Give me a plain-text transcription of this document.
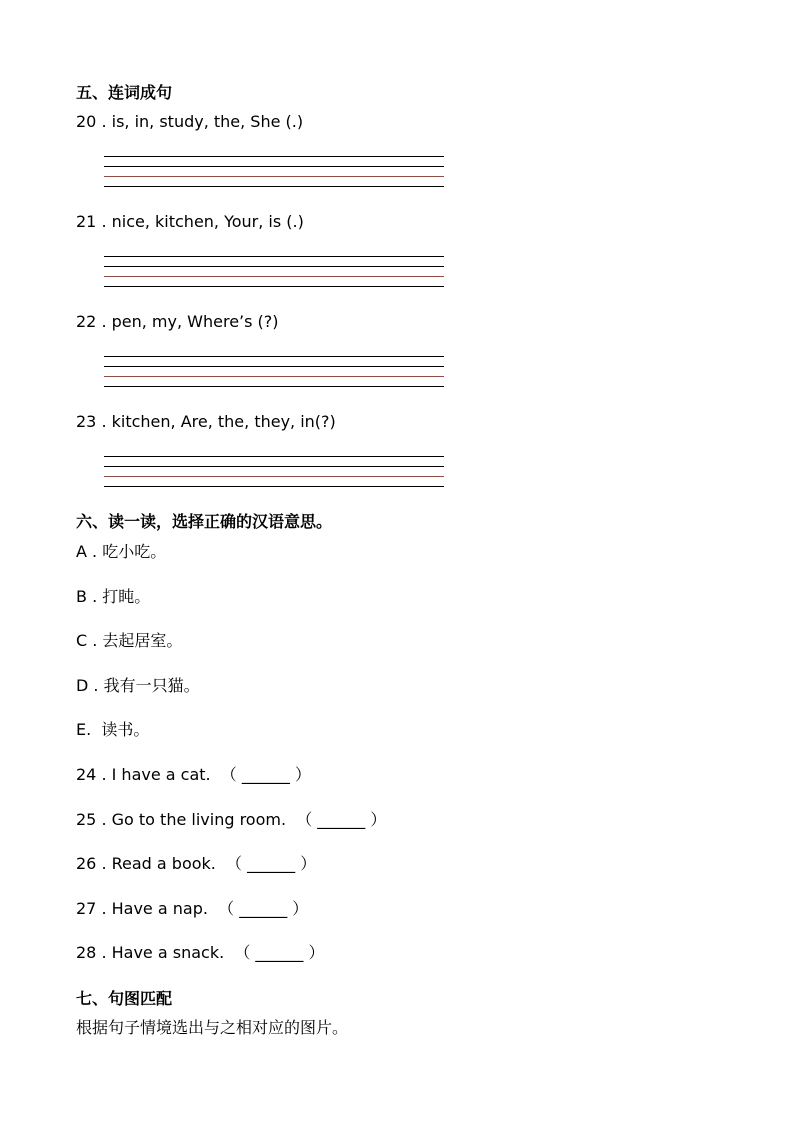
五、连词成句

20 . is, in, study, the, She (.)

21 . nice, kitchen, Your, is (.)

22 . pen, my, Where’s (?)

23 . kitchen, Are, the, they, in(?)

六、读一读，选择正确的汉语意思。

A . 吃小吃。

B . 打盹。

C . 去起居室。

D . 我有一只猫。

E.  读书。

24 . I have a cat.  （ ______ ）

25 . Go to the living room.  （ ______ ）

26 . Read a book.  （ ______ ）

27 . Have a nap.  （ ______ ）

28 . Have a snack.  （ ______ ）

七、句图匹配

根据句子情境选出与之相对应的图片。
